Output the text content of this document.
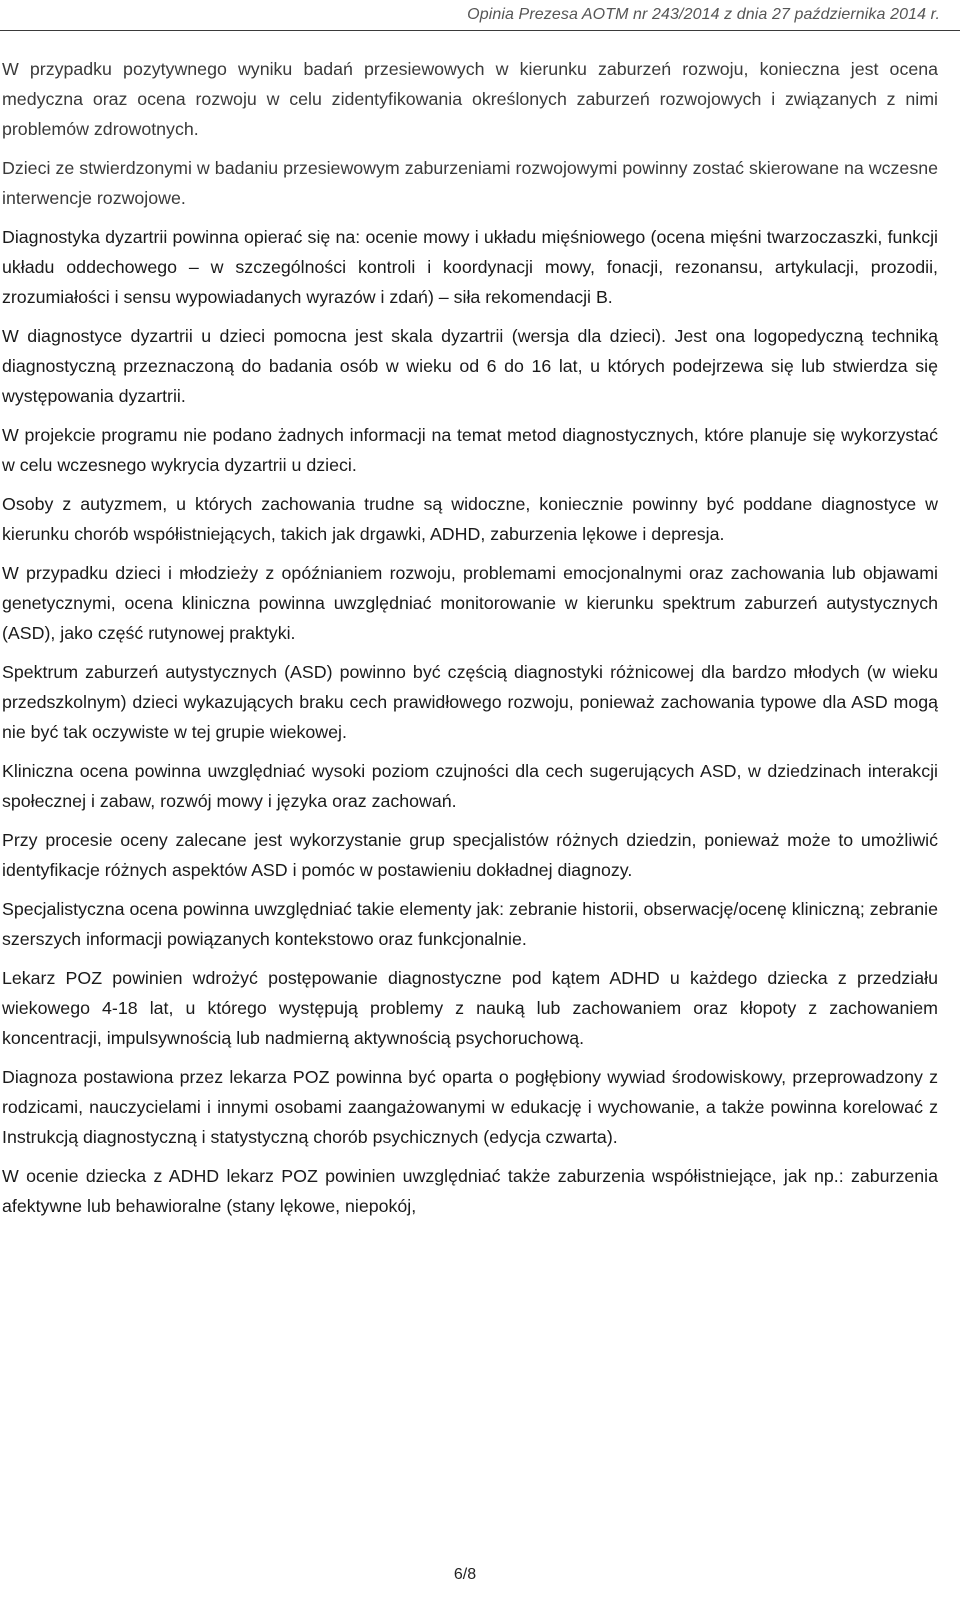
Opinia Prezesa AOTM nr 243/2014 z dnia 27 października 2014 r.

W przypadku pozytywnego wyniku badań przesiewowych w kierunku zaburzeń rozwoju, konieczna jest ocena medyczna oraz ocena rozwoju w celu zidentyfikowania określonych zaburzeń rozwojowych i związanych z nimi problemów zdrowotnych.

Dzieci ze stwierdzonymi w badaniu przesiewowym zaburzeniami rozwojowymi powinny zostać skierowane na wczesne interwencje rozwojowe.

Diagnostyka dyzartrii powinna opierać się na: ocenie mowy i układu mięśniowego (ocena mięśni twarzoczaszki, funkcji układu oddechowego – w szczególności kontroli i koordynacji mowy, fonacji, rezonansu, artykulacji, prozodii, zrozumiałości i sensu wypowiadanych wyrazów i zdań) – siła rekomendacji B.

W diagnostyce dyzartrii u dzieci pomocna jest skala dyzartrii (wersja dla dzieci). Jest ona logopedyczną techniką diagnostyczną przeznaczoną do badania osób w wieku od 6 do 16 lat, u których podejrzewa się lub stwierdza się występowania dyzartrii.

W projekcie programu nie podano żadnych informacji na temat metod diagnostycznych, które planuje się wykorzystać w celu wczesnego wykrycia dyzartrii u dzieci.

Osoby z autyzmem, u których zachowania trudne są widoczne, koniecznie powinny być poddane diagnostyce w kierunku chorób współistniejących, takich jak drgawki, ADHD, zaburzenia lękowe i depresja.

W przypadku dzieci i młodzieży z opóźnianiem rozwoju, problemami emocjonalnymi oraz zachowania lub objawami genetycznymi, ocena kliniczna powinna uwzględniać monitorowanie w kierunku spektrum zaburzeń autystycznych (ASD), jako część rutynowej praktyki.

Spektrum zaburzeń autystycznych (ASD) powinno być częścią diagnostyki różnicowej dla bardzo młodych (w wieku przedszkolnym) dzieci wykazujących braku cech prawidłowego rozwoju, ponieważ zachowania typowe dla ASD mogą nie być tak oczywiste w tej grupie wiekowej.

Kliniczna ocena powinna uwzględniać wysoki poziom czujności dla cech sugerujących ASD, w dziedzinach interakcji społecznej i zabaw, rozwój mowy i języka oraz zachowań.

Przy procesie oceny zalecane jest wykorzystanie grup specjalistów różnych dziedzin, ponieważ może to umożliwić identyfikacje różnych aspektów ASD i pomóc w postawieniu dokładnej diagnozy.

Specjalistyczna ocena powinna uwzględniać takie elementy jak: zebranie historii, obserwację/ocenę kliniczną; zebranie szerszych informacji powiązanych kontekstowo oraz funkcjonalnie.

Lekarz POZ powinien wdrożyć postępowanie diagnostyczne pod kątem ADHD u każdego dziecka z przedziału wiekowego 4-18 lat, u którego występują problemy z nauką lub zachowaniem oraz kłopoty z zachowaniem koncentracji, impulsywnością lub nadmierną aktywnością psychoruchową.

Diagnoza postawiona przez lekarza POZ powinna być oparta o pogłębiony wywiad środowiskowy, przeprowadzony z rodzicami, nauczycielami i innymi osobami zaangażowanymi w edukację i wychowanie, a także powinna korelować z Instrukcją diagnostyczną i statystyczną chorób psychicznych (edycja czwarta).

W ocenie dziecka z ADHD lekarz POZ powinien uwzględniać także zaburzenia współistniejące, jak np.: zaburzenia afektywne lub behawioralne (stany lękowe, niepokój,

6/8
